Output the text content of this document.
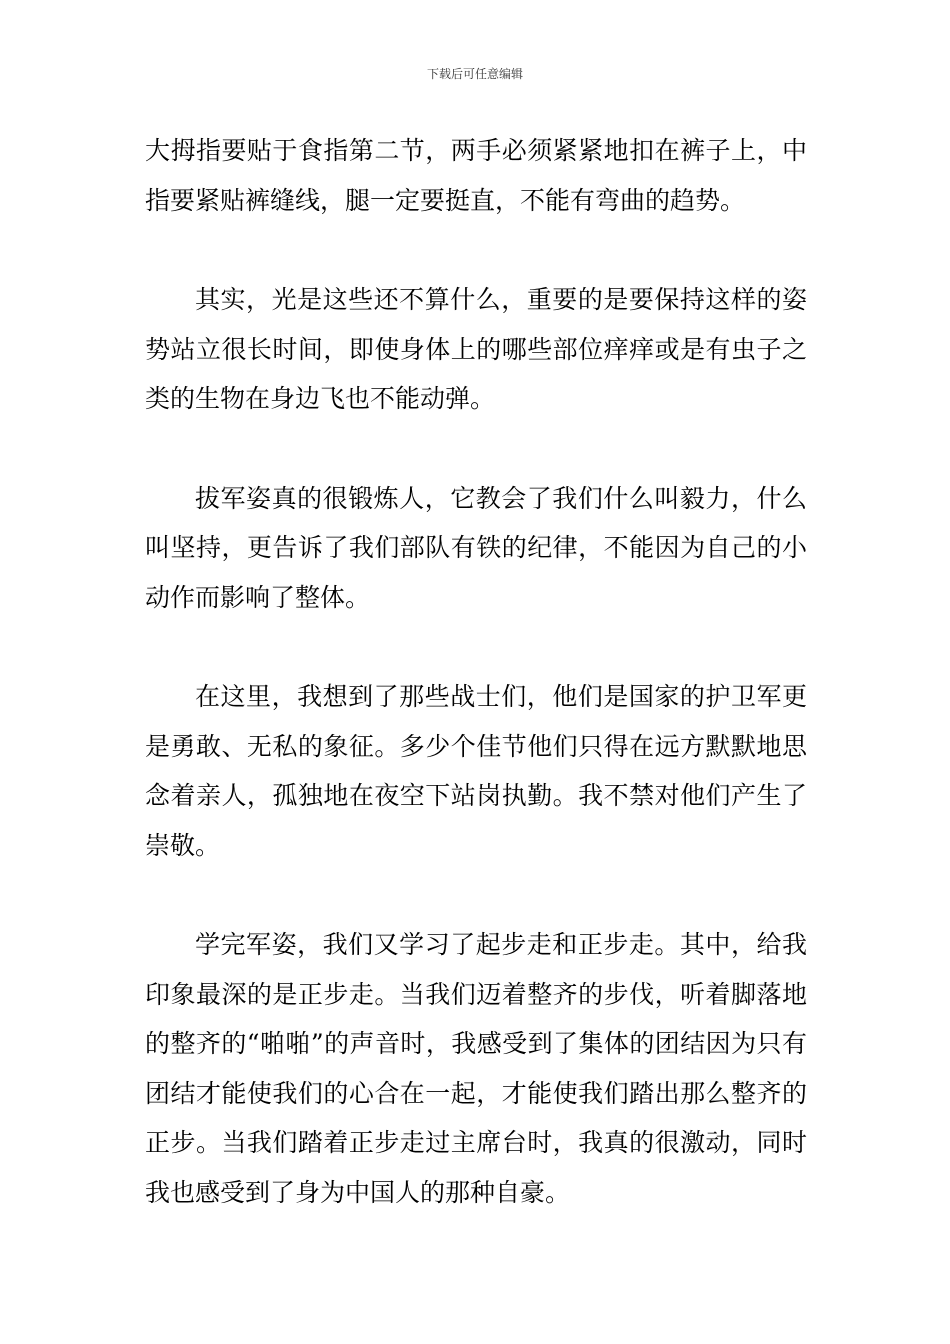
下载后可任意编辑

大拇指要贴于食指第二节，两手必须紧紧地扣在裤子上，中指要紧贴裤缝线，腿一定要挺直，不能有弯曲的趋势。

其实，光是这些还不算什么，重要的是要保持这样的姿势站立很长时间，即使身体上的哪些部位痒痒或是有虫子之类的生物在身边飞也不能动弹。

拔军姿真的很锻炼人，它教会了我们什么叫毅力，什么叫坚持，更告诉了我们部队有铁的纪律，不能因为自己的小动作而影响了整体。

在这里，我想到了那些战士们，他们是国家的护卫军更是勇敢、无私的象征。多少个佳节他们只得在远方默默地思念着亲人，孤独地在夜空下站岗执勤。我不禁对他们产生了崇敬。

学完军姿，我们又学习了起步走和正步走。其中，给我印象最深的是正步走。当我们迈着整齐的步伐，听着脚落地的整齐的“啪啪”的声音时，我感受到了集体的团结因为只有团结才能使我们的心合在一起，才能使我们踏出那么整齐的正步。当我们踏着正步走过主席台时，我真的很激动，同时我也感受到了身为中国人的那种自豪。
